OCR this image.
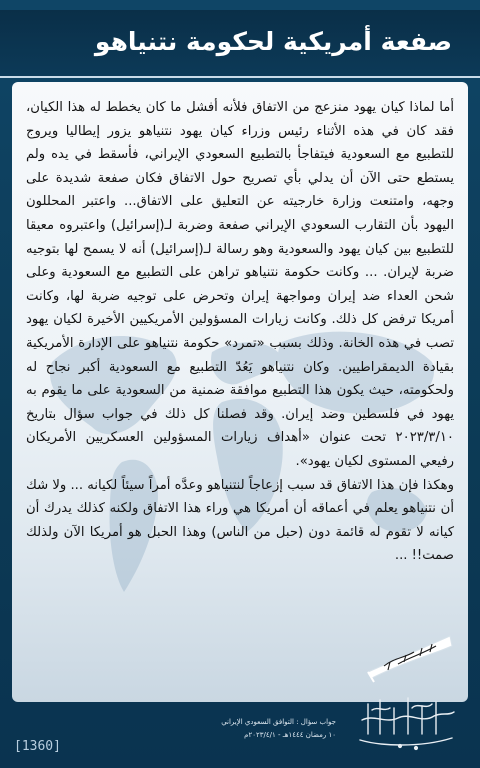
صفعة أمريكية لحكومة نتنياهو

أما لماذا كيان يهود منزعج من الاتفاق فلأنه أفشل ما كان يخطط له هذا الكيان، فقد كان في هذه الأثناء رئيس وزراء كيان يهود نتنياهو يزور إيطاليا ويروج للتطبيع مع السعودية فيتفاجأ بالتطبيع السعودي الإيراني، فأسقط في يده ولم يستطع حتى الآن أن يدلي بأي تصريح حول الاتفاق فكان صفعة شديدة على وجهه، وامتنعت وزارة خارجيته عن التعليق على الاتفاق... واعتبر المحللون اليهود بأن التقارب السعودي الإيراني صفعة وضربة لـ(إسرائيل) واعتبروه معيقا للتطبيع بين كيان يهود والسعودية وهو رسالة لـ(إسرائيل) أنه لا يسمح لها بتوجيه ضربة لإيران. ... وكانت حكومة نتنياهو تراهن على التطبيع مع السعودية وعلى شحن العداء ضد إيران ومواجهة إيران وتحرض على توجيه ضربة لها، وكانت أمريكا ترفض كل ذلك. وكانت زيارات المسؤولين الأمريكيين الأخيرة لكيان يهود تصب في هذه الخانة. وذلك بسبب «تمرد» حكومة نتنياهو على الإدارة الأمريكية بقيادة الديمقراطيين. وكان نتنياهو يَعُدّ التطبيع مع السعودية أكبر نجاح له ولحكومته، حيث يكون هذا التطبيع موافقة ضمنية من السعودية على ما يقوم به يهود في فلسطين وضد إيران. وقد فصلنا كل ذلك في جواب سؤال بتاريخ ٢٠٢٣/٣/١٠ تحت عنوان «أهداف زيارات المسؤولين العسكريين الأمريكان رفيعي المستوى لكيان يهود».

وهكذا فإن هذا الاتفاق قد سبب إزعاجاً لنتنياهو وعدَّه أمراً سيئاً لكيانه ... ولا شك أن نتنياهو يعلم في أعماقه أن أمريكا هي وراء هذا الاتفاق ولكنه كذلك يدرك أن كيانه لا تقوم له قائمة دون (حبل من الناس) وهذا الحبل هو أمريكا الآن ولذلك صمت!! ...

[1360]
جواب سؤال : التوافق السعودي الإيراني
١٠ رمضان ١٤٤٤هـ - ٢٠٢٣/٤/١م
